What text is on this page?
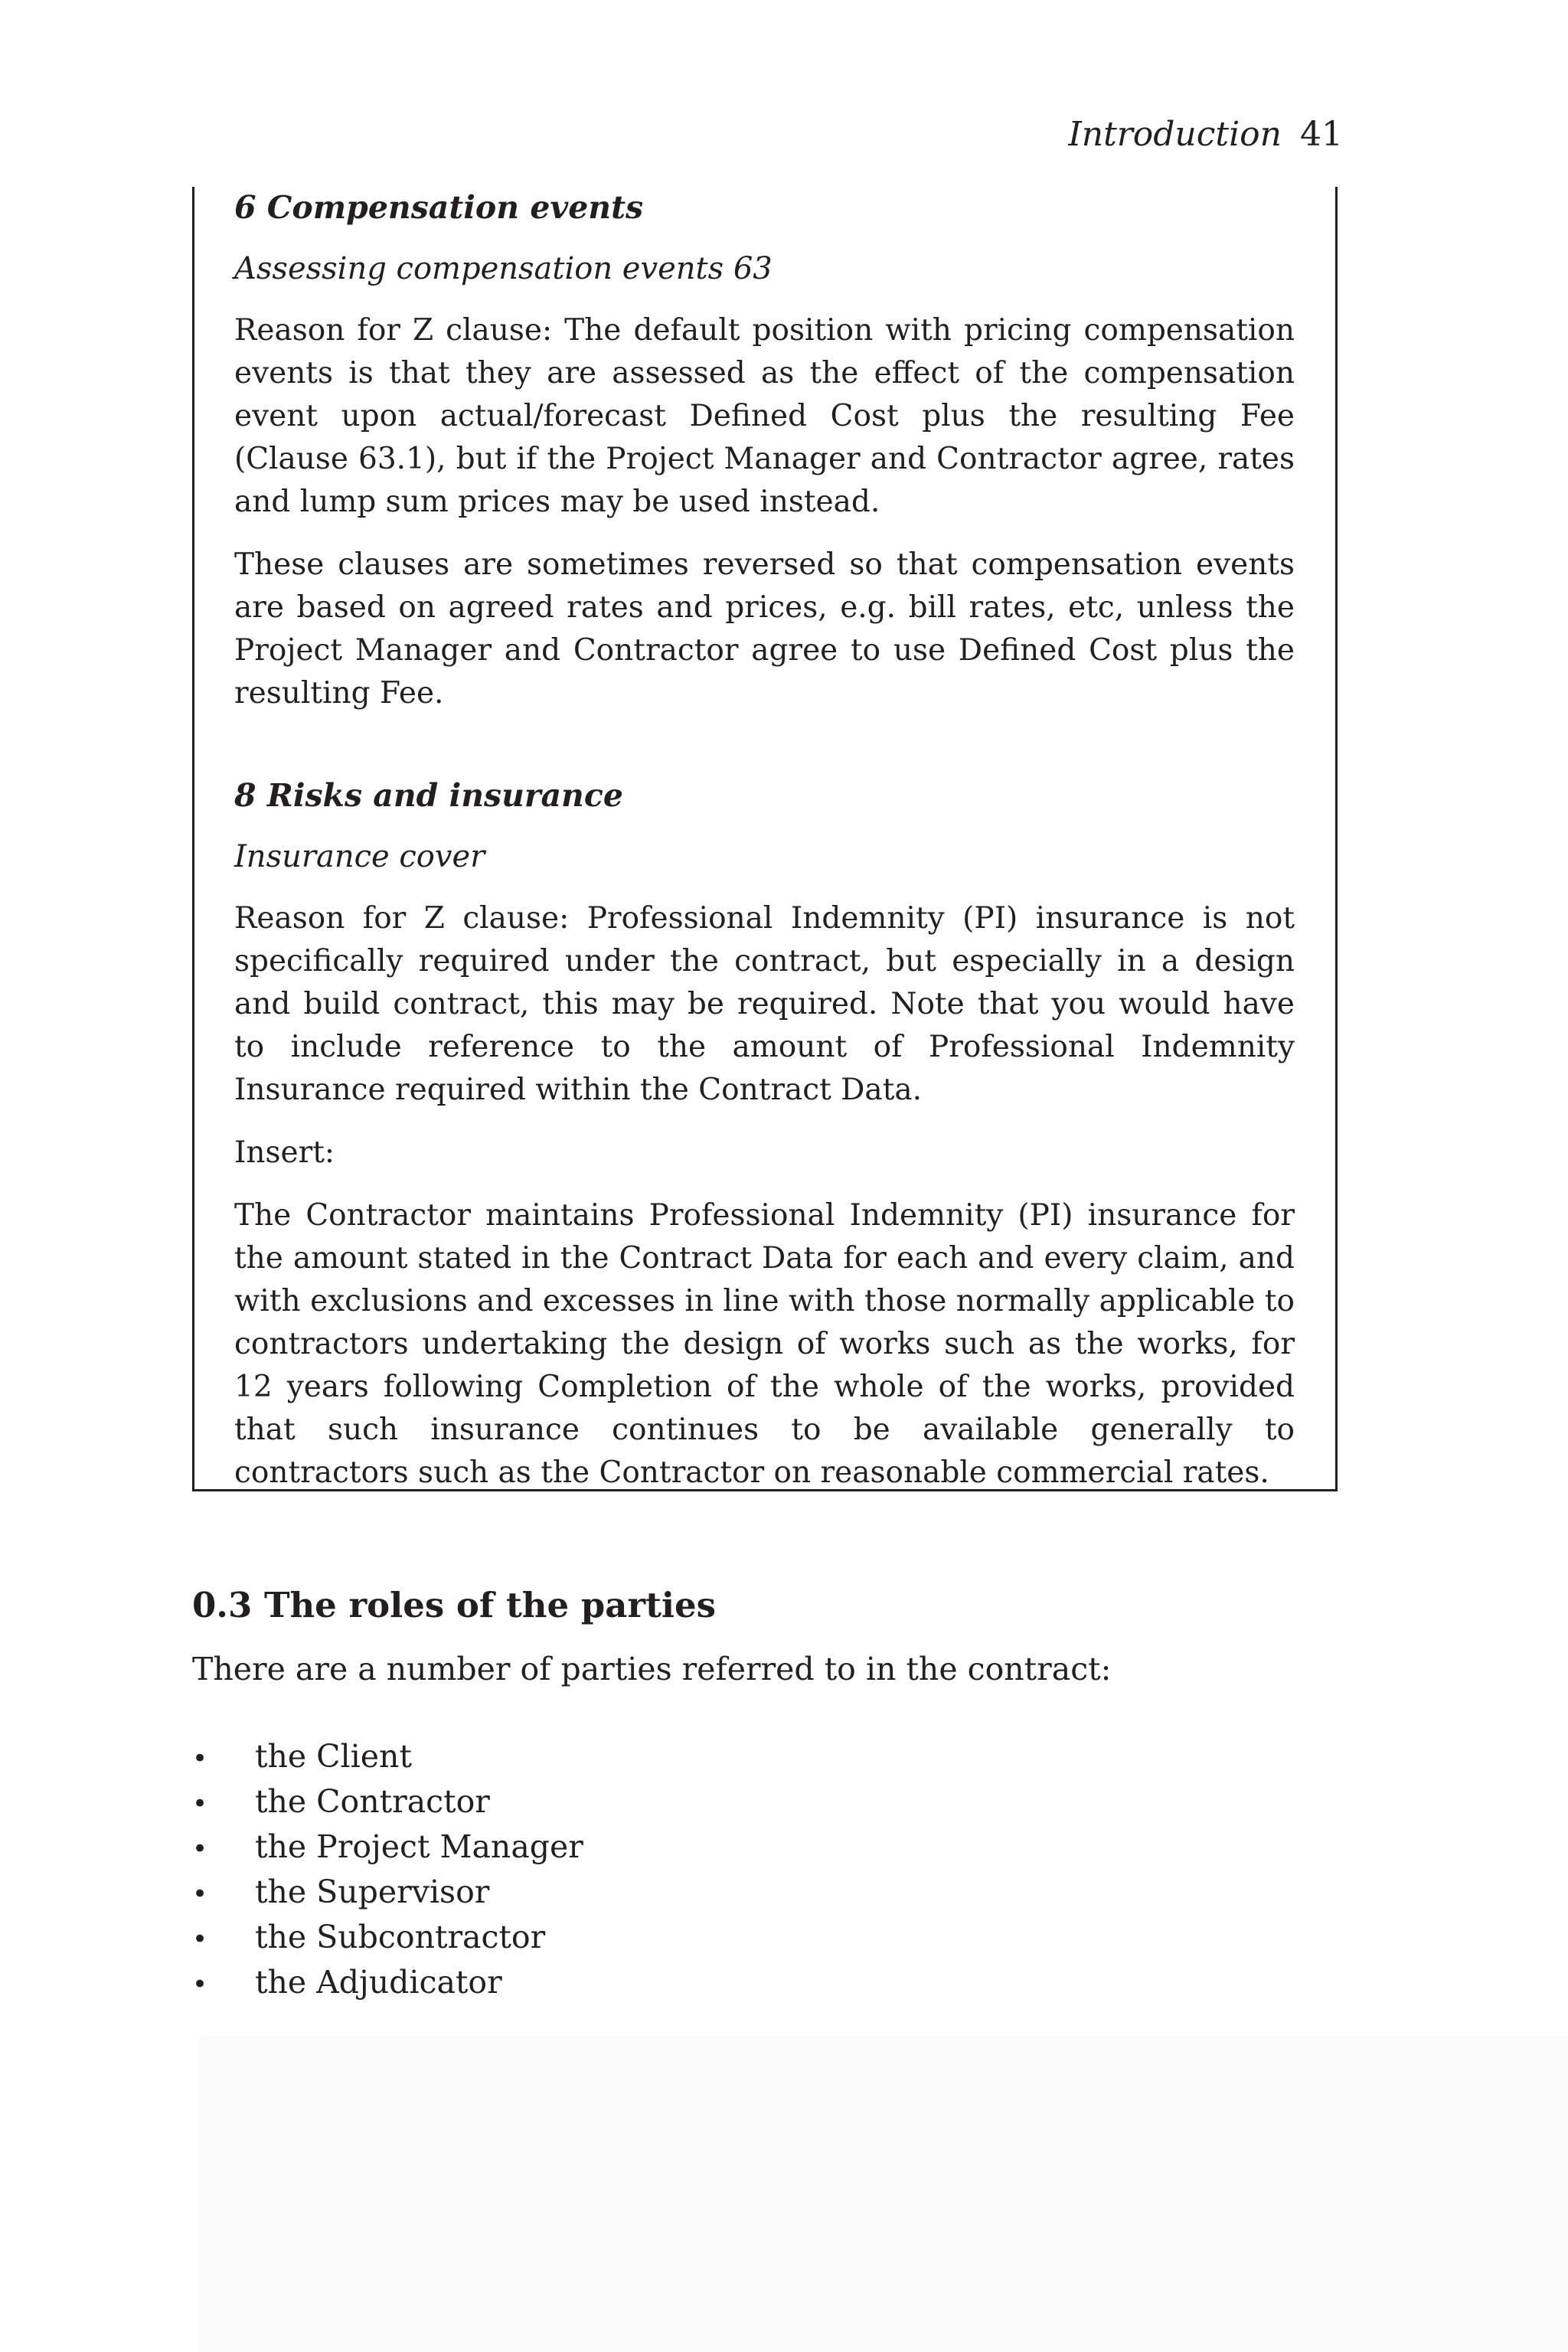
Introduction 41

6 Compensation events

Assessing compensation events 63

Reason for Z clause: The default position with pricing compensation events is that they are assessed as the effect of the compensation event upon actual/forecast Defined Cost plus the resulting Fee (Clause 63.1), but if the Project Manager and Contractor agree, rates and lump sum prices may be used instead.

These clauses are sometimes reversed so that compensation events are based on agreed rates and prices, e.g. bill rates, etc, unless the Project Manager and Contractor agree to use Defined Cost plus the resulting Fee.

8 Risks and insurance

Insurance cover

Reason for Z clause: Professional Indemnity (PI) insurance is not specifically required under the contract, but especially in a design and build contract, this may be required. Note that you would have to include reference to the amount of Professional Indemnity Insurance required within the Contract Data.

Insert:

The Contractor maintains Professional Indemnity (PI) insurance for the amount stated in the Contract Data for each and every claim, and with exclusions and excesses in line with those normally applicable to contractors undertaking the design of works such as the works, for 12 years following Completion of the whole of the works, provided that such insurance continues to be available generally to contractors such as the Contractor on reasonable commercial rates.

0.3 The roles of the parties

There are a number of parties referred to in the contract:

•	the Client
•	the Contractor
•	the Project Manager
•	the Supervisor
•	the Subcontractor
•	the Adjudicator
